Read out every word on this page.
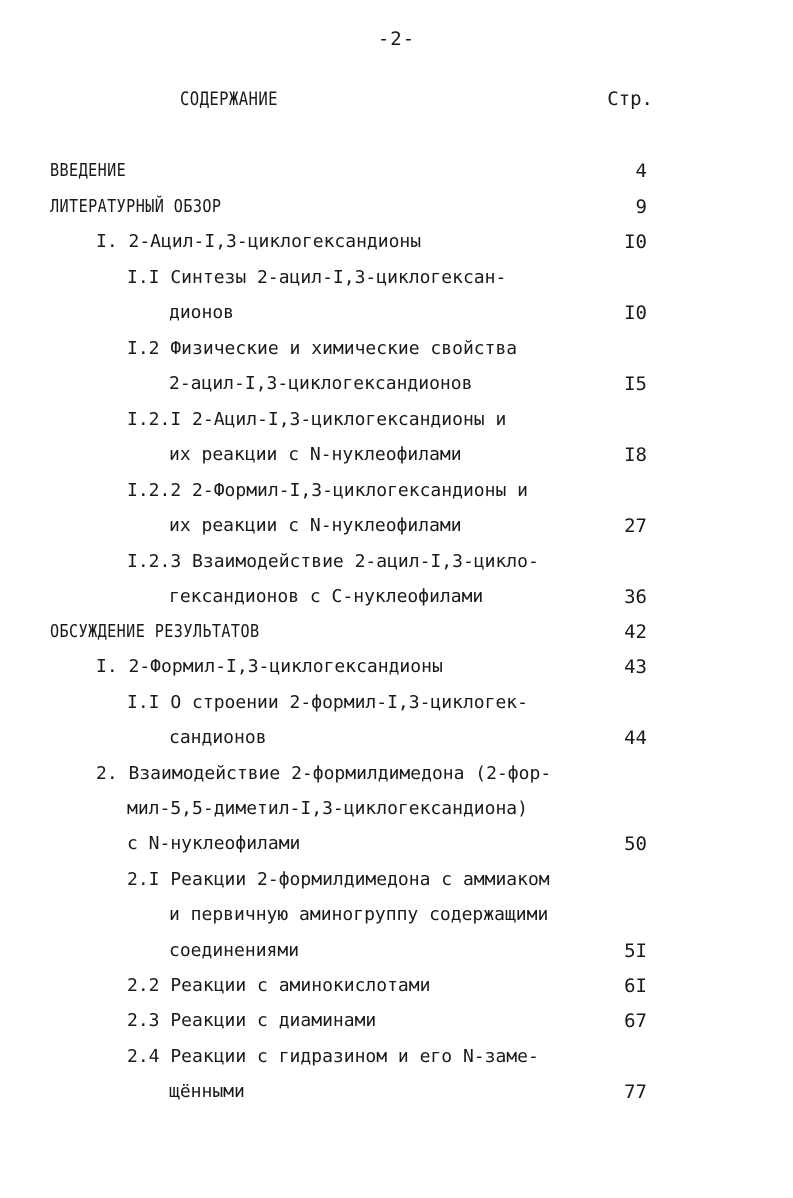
-2-
СОДЕРЖАНИЕ	Стр.
ВВЕДЕНИЕ	4
ЛИТЕРАТУРНЫЙ ОБЗОР	9
I. 2-Ацил-I,3-циклогександионы	I0
I.I Синтезы 2-ацил-I,3-циклогексан-
дионов	I0
I.2 Физические и химические свойства
2-ацил-I,3-циклогександионов	I5
I.2.I 2-Ацил-I,3-циклогександионы и
их реакции с N-нуклеофилами	I8
I.2.2 2-Формил-I,3-циклогександионы и
их реакции с N-нуклеофилами	27
I.2.3 Взаимодействие 2-ацил-I,3-цикло-
гександионов с С-нуклеофилами	36
ОБСУЖДЕНИЕ РЕЗУЛЬТАТОВ	42
I. 2-Формил-I,3-циклогександионы	43
I.I О строении 2-формил-I,3-циклогек-
сандионов	44
2. Взаимодействие 2-формилдимедона (2-фор-
мил-5,5-диметил-I,3-циклогександиона)
с N-нуклеофилами	50
2.I Реакции 2-формилдимедона с аммиаком
и первичную аминогруппу содержащими
соединениями	5I
2.2 Реакции с аминокислотами	6I
2.3 Реакции с диаминами	67
2.4 Реакции с гидразином и его N-заме-
щёнными	77
